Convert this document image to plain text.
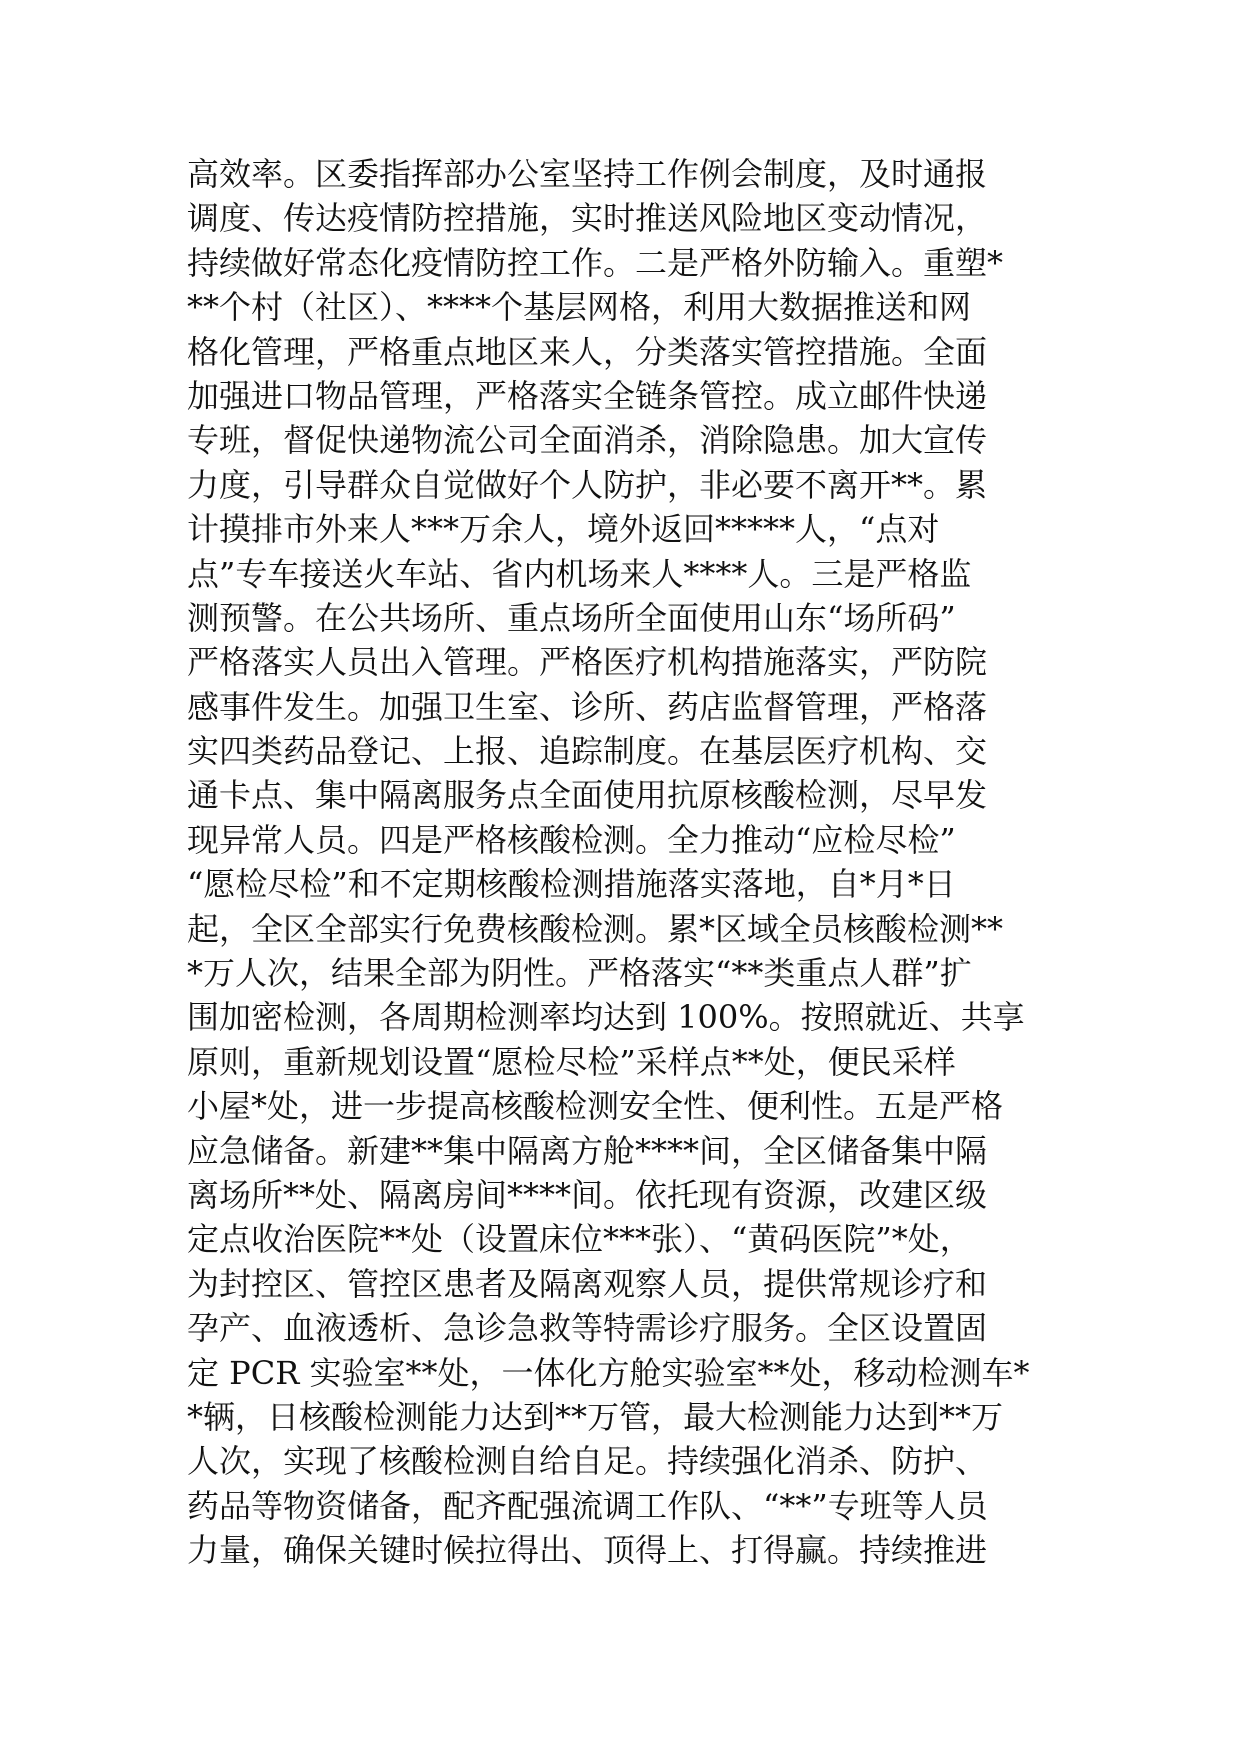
高效率。区委指挥部办公室坚持工作例会制度，及时通报
调度、传达疫情防控措施，实时推送风险地区变动情况，
持续做好常态化疫情防控工作。二是严格外防输入。重塑*
**个村（社区）、****个基层网格，利用大数据推送和网
格化管理，严格重点地区来人，分类落实管控措施。全面
加强进口物品管理，严格落实全链条管控。成立邮件快递
专班，督促快递物流公司全面消杀，消除隐患。加大宣传
力度，引导群众自觉做好个人防护，非必要不离开**。累
计摸排市外来人***万余人，境外返回*****人，“点对
点”专车接送火车站、省内机场来人****人。三是严格监
测预警。在公共场所、重点场所全面使用山东“场所码”
严格落实人员出入管理。严格医疗机构措施落实，严防院
感事件发生。加强卫生室、诊所、药店监督管理，严格落
实四类药品登记、上报、追踪制度。在基层医疗机构、交
通卡点、集中隔离服务点全面使用抗原核酸检测，尽早发
现异常人员。四是严格核酸检测。全力推动“应检尽检”
“愿检尽检”和不定期核酸检测措施落实落地，自*月*日
起，全区全部实行免费核酸检测。累*区域全员核酸检测**
*万人次，结果全部为阴性。严格落实“**类重点人群”扩
围加密检测，各周期检测率均达到 100%。按照就近、共享
原则，重新规划设置“愿检尽检”采样点**处，便民采样
小屋*处，进一步提高核酸检测安全性、便利性。五是严格
应急储备。新建**集中隔离方舱****间，全区储备集中隔
离场所**处、隔离房间****间。依托现有资源，改建区级
定点收治医院**处（设置床位***张）、“黄码医院”*处，
为封控区、管控区患者及隔离观察人员，提供常规诊疗和
孕产、血液透析、急诊急救等特需诊疗服务。全区设置固
定 PCR 实验室**处，一体化方舱实验室**处，移动检测车*
*辆，日核酸检测能力达到**万管，最大检测能力达到**万
人次，实现了核酸检测自给自足。持续强化消杀、防护、
药品等物资储备，配齐配强流调工作队、“**”专班等人员
力量，确保关键时候拉得出、顶得上、打得赢。持续推进
